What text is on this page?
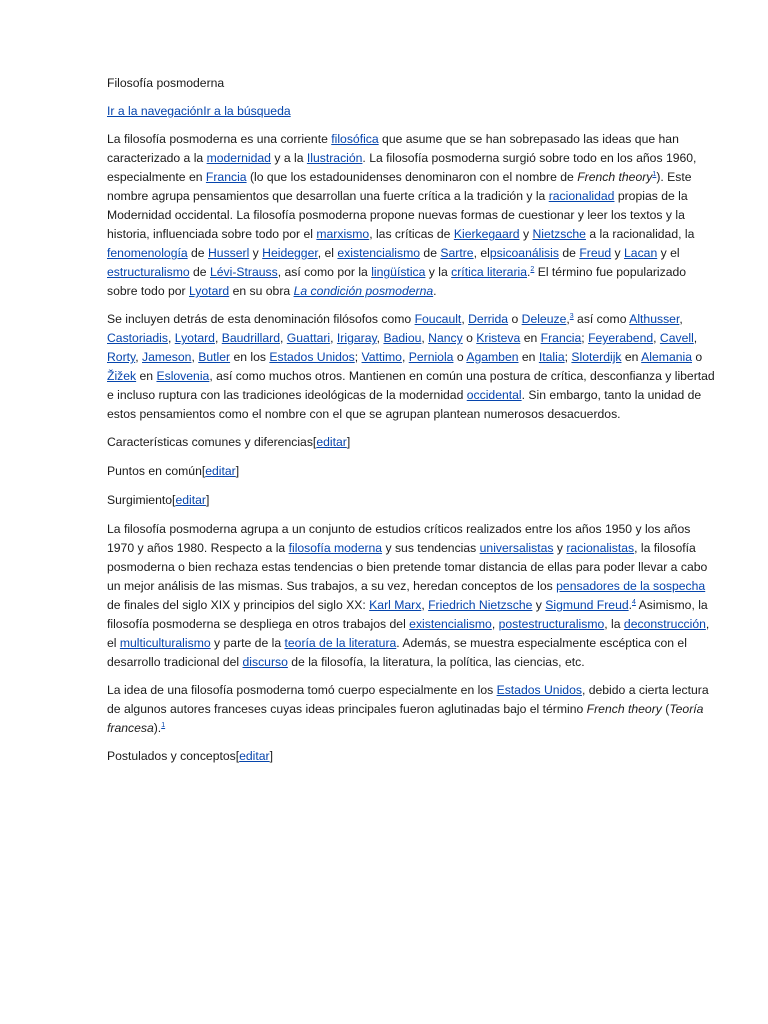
Filosofía posmoderna

Ir a la navegaciónIr a la búsqueda

La filosofía posmoderna es una corriente filosófica que asume que se han sobrepasado las ideas que han caracterizado a la modernidad y a la Ilustración. La filosofía posmoderna surgió sobre todo en los años 1960, especialmente en Francia (lo que los estadounidenses denominaron con el nombre de French theory$^1$). Este nombre agrupa pensamientos que desarrollan una fuerte crítica a la tradición y la racionalidad propias de la Modernidad occidental. La filosofía posmoderna propone nuevas formas de cuestionar y leer los textos y la historia, influenciada sobre todo por el marxismo, las críticas de Kierkegaard y Nietzsche a la racionalidad, la fenomenología de Husserl y Heidegger, el existencialismo de Sartre, elpsicoanálisis de Freud y Lacan y el estructuralismo de Lévi-Strauss, así como por la lingüística y la crítica literaria.$^2$ El término fue popularizado sobre todo por Lyotard en su obra La condición posmoderna.

Se incluyen detrás de esta denominación filósofos como Foucault, Derrida o Deleuze,$^3$ así como Althusser, Castoriadis, Lyotard, Baudrillard, Guattari, Irigaray, Badiou, Nancy o Kristeva en Francia; Feyerabend, Cavell, Rorty, Jameson, Butler en los Estados Unidos; Vattimo, Perniola o Agamben en Italia; Sloterdijk en Alemania o Žižek en Eslovenia, así como muchos otros. Mantienen en común una postura de crítica, desconfianza y libertad e incluso ruptura con las tradiciones ideológicas de la modernidad occidental. Sin embargo, tanto la unidad de estos pensamientos como el nombre con el que se agrupan plantean numerosos desacuerdos.

Características comunes y diferencias[editar]

Puntos en común[editar]

Surgimiento[editar]

La filosofía posmoderna agrupa a un conjunto de estudios críticos realizados entre los años 1950 y los años 1970 y años 1980. Respecto a la filosofía moderna y sus tendencias universalistas y racionalistas, la filosofía posmoderna o bien rechaza estas tendencias o bien pretende tomar distancia de ellas para poder llevar a cabo un mejor análisis de las mismas. Sus trabajos, a su vez, heredan conceptos de los pensadores de la sospecha de finales del siglo XIX y principios del siglo XX: Karl Marx, Friedrich Nietzsche y Sigmund Freud.$^4$ Asimismo, la filosofía posmoderna se despliega en otros trabajos del existencialismo, postestructuralismo, la deconstrucción, el multiculturalismo y parte de la teoría de la literatura. Además, se muestra especialmente escéptica con el desarrollo tradicional del discurso de la filosofía, la literatura, la política, las ciencias, etc.

La idea de una filosofía posmoderna tomó cuerpo especialmente en los Estados Unidos, debido a cierta lectura de algunos autores franceses cuyas ideas principales fueron aglutinadas bajo el término French theory (Teoría francesa).$^1$

Postulados y conceptos[editar]
